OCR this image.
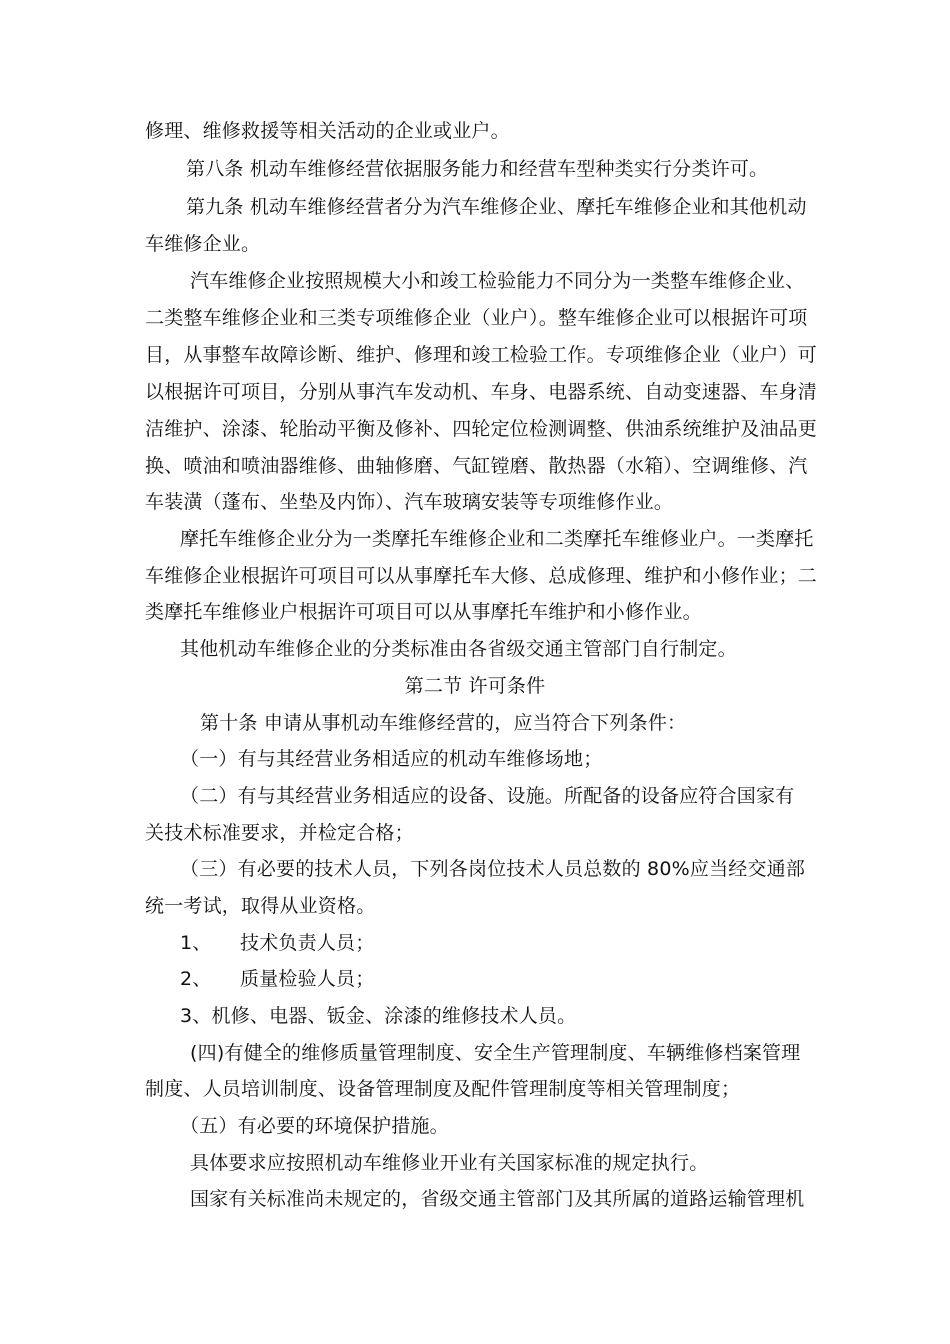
修理、维修救援等相关活动的企业或业户。
第八条 机动车维修经营依据服务能力和经营车型种类实行分类许可。
第九条 机动车维修经营者分为汽车维修企业、摩托车维修企业和其他机动
车维修企业。
汽车维修企业按照规模大小和竣工检验能力不同分为一类整车维修企业、
二类整车维修企业和三类专项维修企业（业户）。整车维修企业可以根据许可项
目，从事整车故障诊断、维护、修理和竣工检验工作。专项维修企业（业户）可
以根据许可项目，分别从事汽车发动机、车身、电器系统、自动变速器、车身清
洁维护、涂漆、轮胎动平衡及修补、四轮定位检测调整、供油系统维护及油品更
换、喷油和喷油器维修、曲轴修磨、气缸镗磨、散热器（水箱）、空调维修、汽
车装潢（蓬布、坐垫及内饰）、汽车玻璃安装等专项维修作业。
摩托车维修企业分为一类摩托车维修企业和二类摩托车维修业户。一类摩托
车维修企业根据许可项目可以从事摩托车大修、总成修理、维护和小修作业；二
类摩托车维修业户根据许可项目可以从事摩托车维护和小修作业。
其他机动车维修企业的分类标准由各省级交通主管部门自行制定。
第二节 许可条件
第十条 申请从事机动车维修经营的，应当符合下列条件：
（一）有与其经营业务相适应的机动车维修场地；
（二）有与其经营业务相适应的设备、设施。所配备的设备应符合国家有
关技术标准要求，并检定合格；
（三）有必要的技术人员，下列各岗位技术人员总数的 80%应当经交通部
统一考试，取得从业资格。
1、 技术负责人员；
2、 质量检验人员；
3、机修、电器、钣金、涂漆的维修技术人员。
(四)有健全的维修质量管理制度、安全生产管理制度、车辆维修档案管理
制度、人员培训制度、设备管理制度及配件管理制度等相关管理制度；
（五）有必要的环境保护措施。
具体要求应按照机动车维修业开业有关国家标准的规定执行。
国家有关标准尚未规定的，省级交通主管部门及其所属的道路运输管理机
